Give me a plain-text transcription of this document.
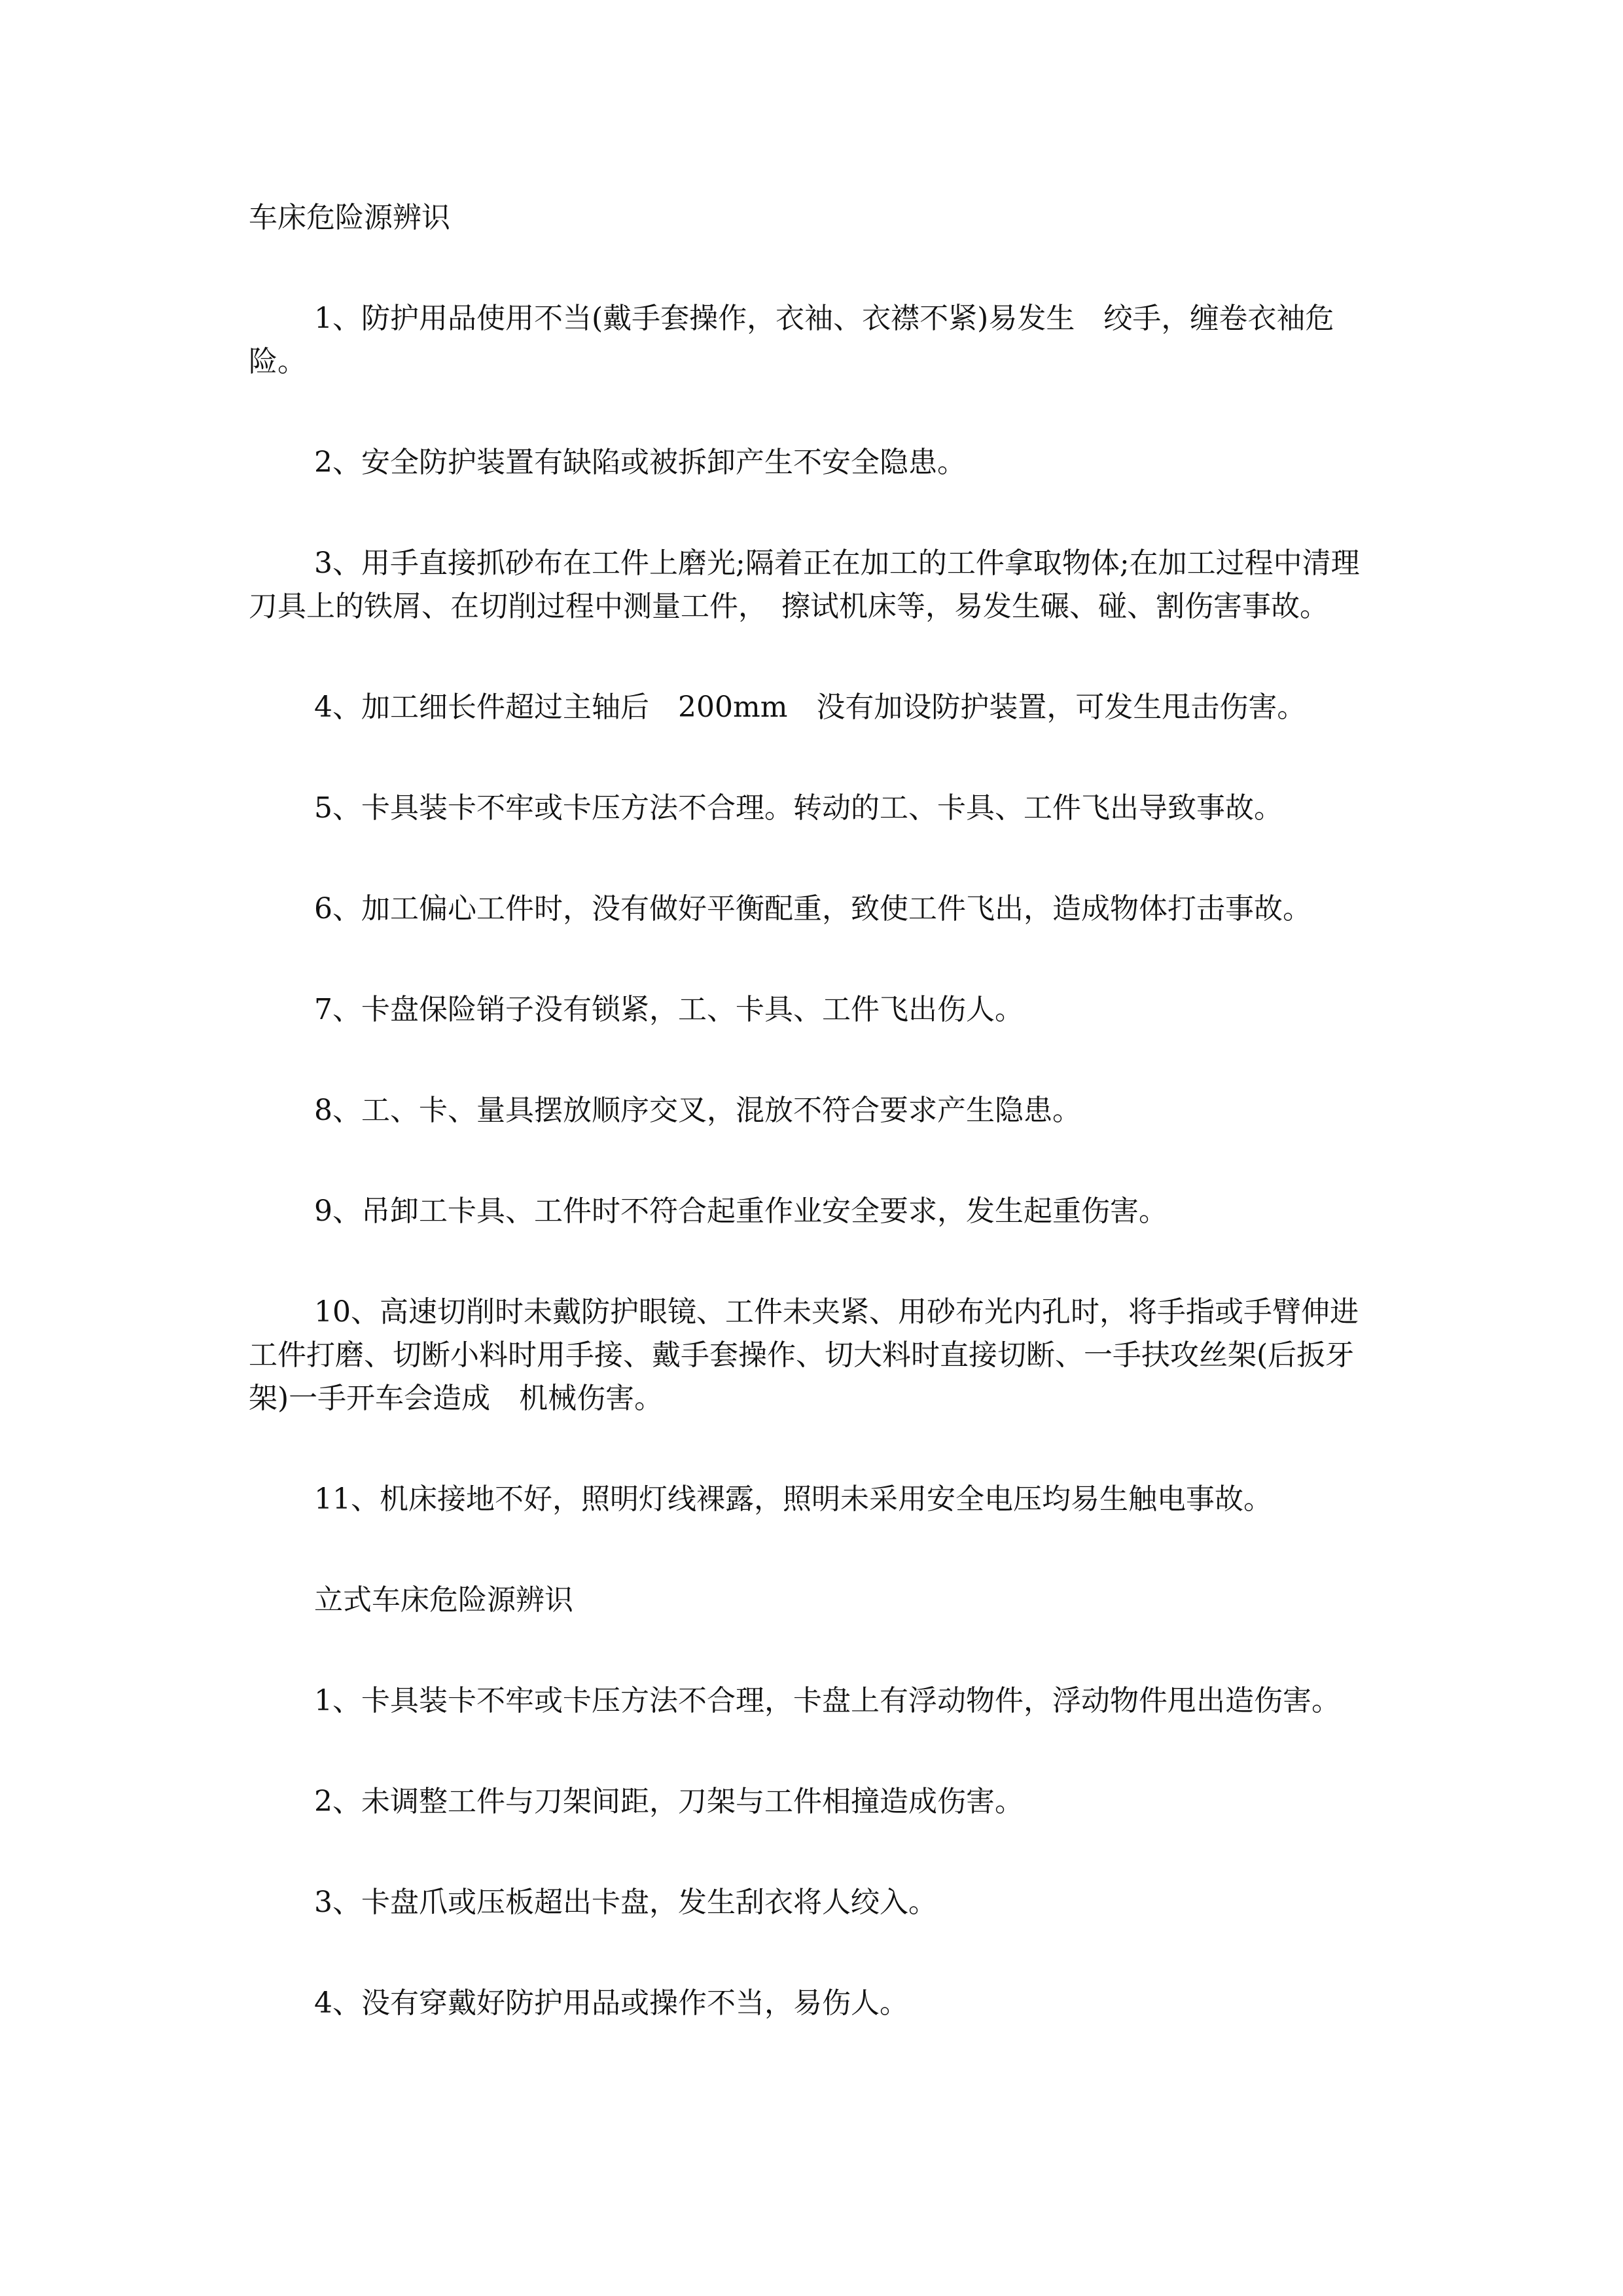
车床危险源辨识

1、防护用品使用不当(戴手套操作，衣袖、衣襟不紧)易发生　绞手，缠卷衣袖危险。

2、安全防护装置有缺陷或被拆卸产生不安全隐患。

3、用手直接抓砂布在工件上磨光;隔着正在加工的工件拿取物体;在加工过程中清理刀具上的铁屑、在切削过程中测量工件，　擦试机床等，易发生碾、碰、割伤害事故。

4、加工细长件超过主轴后　200mm　没有加设防护装置，可发生甩击伤害。

5、卡具装卡不牢或卡压方法不合理。转动的工、卡具、工件飞出导致事故。

6、加工偏心工件时，没有做好平衡配重，致使工件飞出，造成物体打击事故。

7、卡盘保险销子没有锁紧，工、卡具、工件飞出伤人。

8、工、卡、量具摆放顺序交叉，混放不符合要求产生隐患。

9、吊卸工卡具、工件时不符合起重作业安全要求，发生起重伤害。

10、高速切削时未戴防护眼镜、工件未夹紧、用砂布光内孔时，将手指或手臂伸进工件打磨、切断小料时用手接、戴手套操作、切大料时直接切断、一手扶攻丝架(后扳牙架)一手开车会造成　机械伤害。

11、机床接地不好，照明灯线裸露，照明未采用安全电压均易生触电事故。

立式车床危险源辨识

1、卡具装卡不牢或卡压方法不合理，卡盘上有浮动物件，浮动物件甩出造伤害。

2、未调整工件与刀架间距，刀架与工件相撞造成伤害。

3、卡盘爪或压板超出卡盘，发生刮衣将人绞入。

4、没有穿戴好防护用品或操作不当，易伤人。
